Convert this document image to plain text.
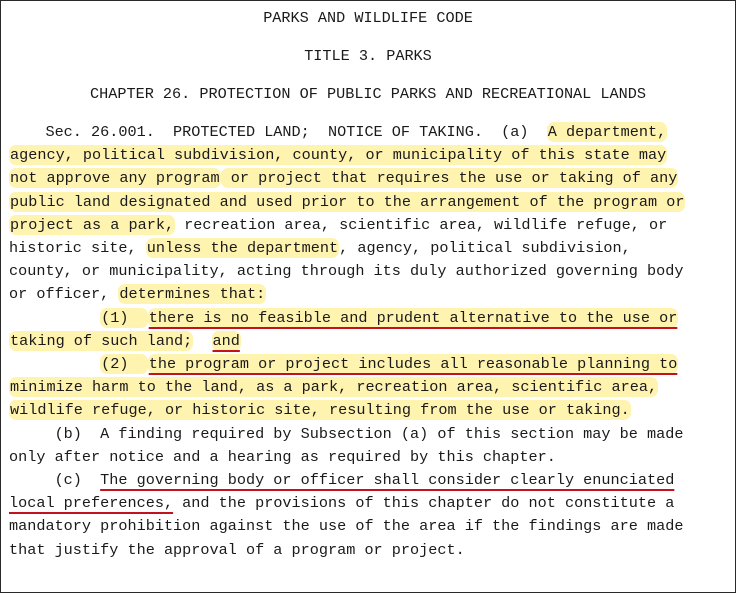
PARKS AND WILDLIFE CODE
TITLE 3. PARKS
CHAPTER 26. PROTECTION OF PUBLIC PARKS AND RECREATIONAL LANDS
Sec. 26.001.  PROTECTED LAND;  NOTICE OF TAKING.  (a)  A department,
agency, political subdivision, county, or municipality of this state may
not approve any program or project that requires the use or taking of any
public land designated and used prior to the arrangement of the program or
project as a park, recreation area, scientific area, wildlife refuge, or
historic site, unless the department, agency, political subdivision,
county, or municipality, acting through its duly authorized governing body
or officer, determines that:
(1)  there is no feasible and prudent alternative to the use or
taking of such land; and
(2)  the program or project includes all reasonable planning to
minimize harm to the land, as a park, recreation area, scientific area,
wildlife refuge, or historic site, resulting from the use or taking.
(b)  A finding required by Subsection (a) of this section may be made
only after notice and a hearing as required by this chapter.
(c)  The governing body or officer shall consider clearly enunciated
local preferences, and the provisions of this chapter do not constitute a
mandatory prohibition against the use of the area if the findings are made
that justify the approval of a program or project.
